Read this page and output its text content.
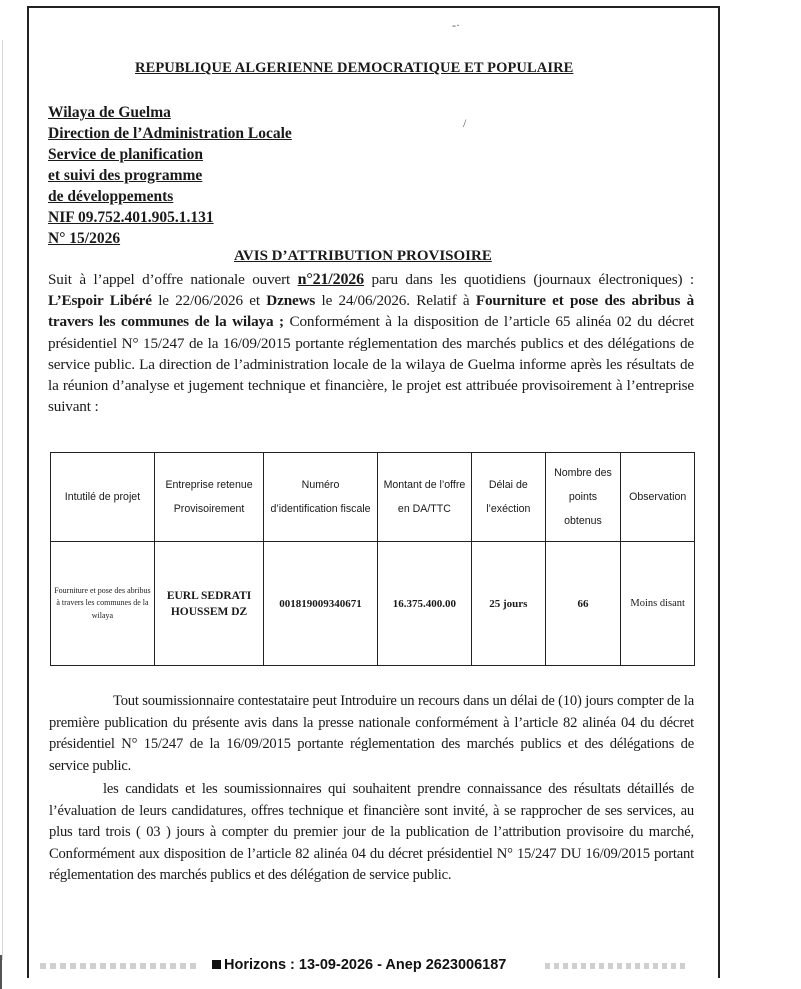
-·
/
REPUBLIQUE ALGERIENNE DEMOCRATIQUE ET POPULAIRE
Wilaya de Guelma
Direction de l’Administration Locale
Service de planification
et suivi des programme
de développements
NIF 09.752.401.905.1.131
N° 15/2026
AVIS D’ATTRIBUTION PROVISOIRE
Suit à l’appel d’offre nationale ouvert n°21/2026 paru dans les quotidiens (journaux électroniques) : L’Espoir Libéré le 22/06/2026 et Dznews le 24/06/2026. Relatif à Fourniture et pose des abribus à travers les communes de la wilaya ; Conformément à la disposition de l’article 65 alinéa 02 du décret présidentiel N° 15/247 de la 16/09/2015 portante réglementation des marchés publics et des délégations de service public. La direction de l’administration locale de la wilaya de Guelma informe après les résultats de la réunion d’analyse et jugement technique et financière, le projet est attribuée provisoirement à l’entreprise suivant :
Intutilé de projet	Entreprise retenue Provisoirement	Numéro d’identification fiscale	Montant de l’offre en DA/TTC	Délai de l’exéction	Nombre des points obtenus	Observation
Fourniture et pose des abribus à travers les communes de la wilaya	EURL SEDRATI HOUSSEM DZ	001819009340671	16.375.400.00	25 jours	66	Moins disant
Tout soumissionnaire contestataire peut Introduire un recours dans un délai de (10) jours compter de la première publication du présente avis dans la presse nationale conformément à l’article 82 alinéa 04 du décret présidentiel N° 15/247 de la 16/09/2015 portante réglementation des marchés publics et des délégations de service public.
les candidats et les soumissionnaires qui souhaitent prendre connaissance des résultats détaillés de l’évaluation de leurs candidatures, offres technique et financière sont invité, à se rapprocher de ses services, au plus tard trois ( 03 ) jours à compter du premier jour de la publication de l’attribution provisoire du marché, Conformément aux disposition de l’article 82 alinéa 04 du décret présidentiel N° 15/247 DU 16/09/2015 portant réglementation des marchés publics et des délégation de service public.
Horizons : 13-09-2026 - Anep 2623006187
